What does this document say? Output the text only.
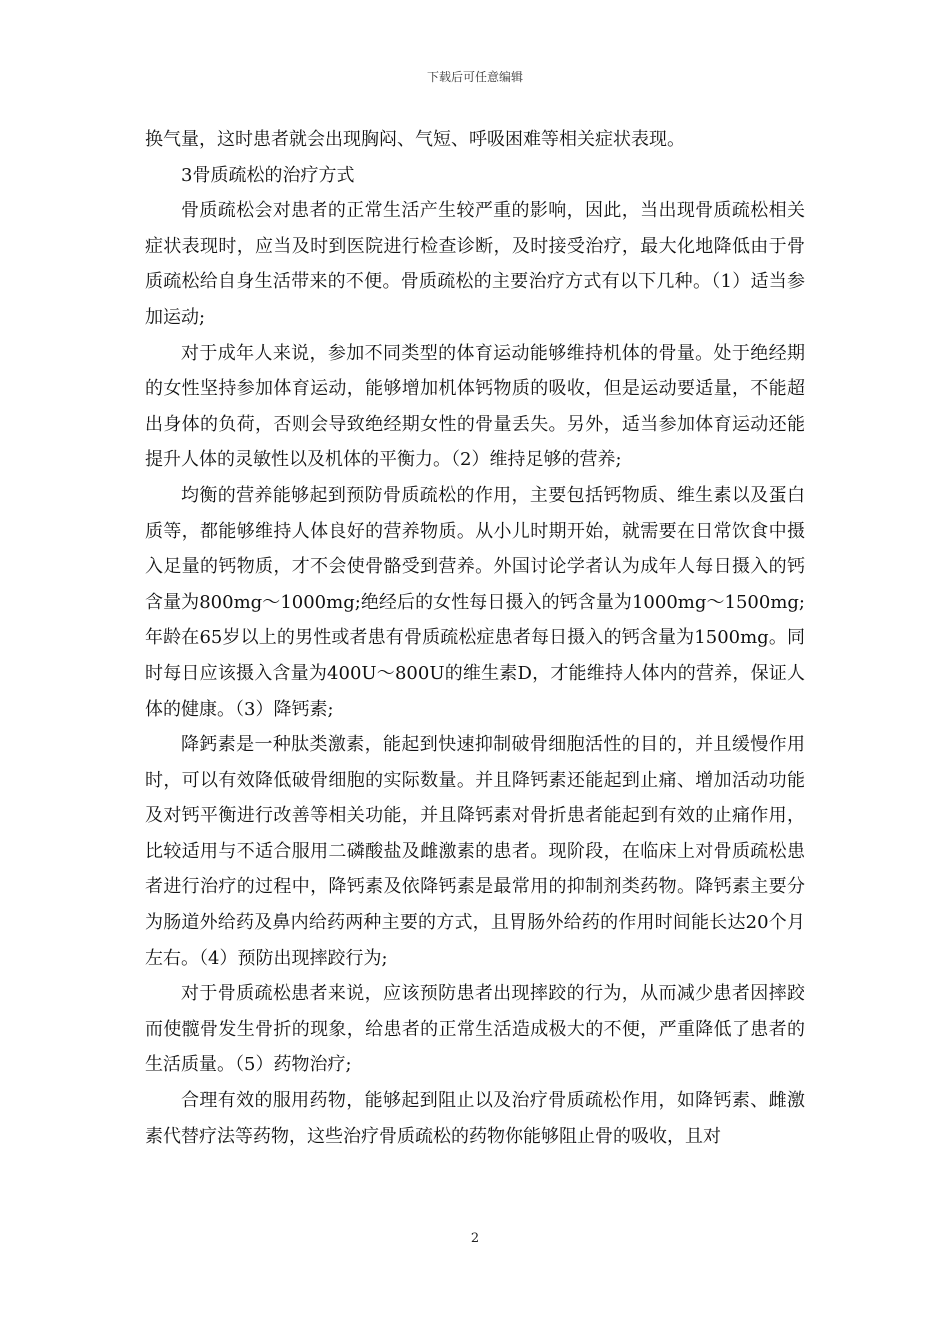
下载后可任意编辑

换气量，这时患者就会出现胸闷、气短、呼吸困难等相关症状表现。

3骨质疏松的治疗方式

骨质疏松会对患者的正常生活产生较严重的影响，因此，当出现骨质疏松相关症状表现时，应当及时到医院进行检查诊断，及时接受治疗，最大化地降低由于骨质疏松给自身生活带来的不便。骨质疏松的主要治疗方式有以下几种。（1）适当参加运动;

对于成年人来说，参加不同类型的体育运动能够维持机体的骨量。处于绝经期的女性坚持参加体育运动，能够增加机体钙物质的吸收，但是运动要适量，不能超出身体的负荷，否则会导致绝经期女性的骨量丢失。另外，适当参加体育运动还能提升人体的灵敏性以及机体的平衡力。（2）维持足够的营养;

均衡的营养能够起到预防骨质疏松的作用，主要包括钙物质、维生素以及蛋白质等，都能够维持人体良好的营养物质。从小儿时期开始，就需要在日常饮食中摄入足量的钙物质，才不会使骨骼受到营养。外国讨论学者认为成年人每日摄入的钙含量为800mg～1000mg;绝经后的女性每日摄入的钙含量为1000mg～1500mg;年龄在65岁以上的男性或者患有骨质疏松症患者每日摄入的钙含量为1500mg。同时每日应该摄入含量为400U～800U的维生素D，才能维持人体内的营养，保证人体的健康。（3）降钙素;

降鈣素是一种肽类激素，能起到快速抑制破骨细胞活性的目的，并且缓慢作用时，可以有效降低破骨细胞的实际数量。并且降钙素还能起到止痛、增加活动功能及对钙平衡进行改善等相关功能，并且降钙素对骨折患者能起到有效的止痛作用，比较适用与不适合服用二磷酸盐及雌激素的患者。现阶段，在临床上对骨质疏松患者进行治疗的过程中，降钙素及依降钙素是最常用的抑制剂类药物。降钙素主要分为肠道外给药及鼻内给药两种主要的方式，且胃肠外给药的作用时间能长达20个月左右。（4）预防出现摔跤行为;

对于骨质疏松患者来说，应该预防患者出现摔跤的行为，从而减少患者因摔跤而使髋骨发生骨折的现象，给患者的正常生活造成极大的不便，严重降低了患者的生活质量。（5）药物治疗;

合理有效的服用药物，能够起到阻止以及治疗骨质疏松作用，如降钙素、雌激素代替疗法等药物，这些治疗骨质疏松的药物你能够阻止骨的吸收，且对

2
